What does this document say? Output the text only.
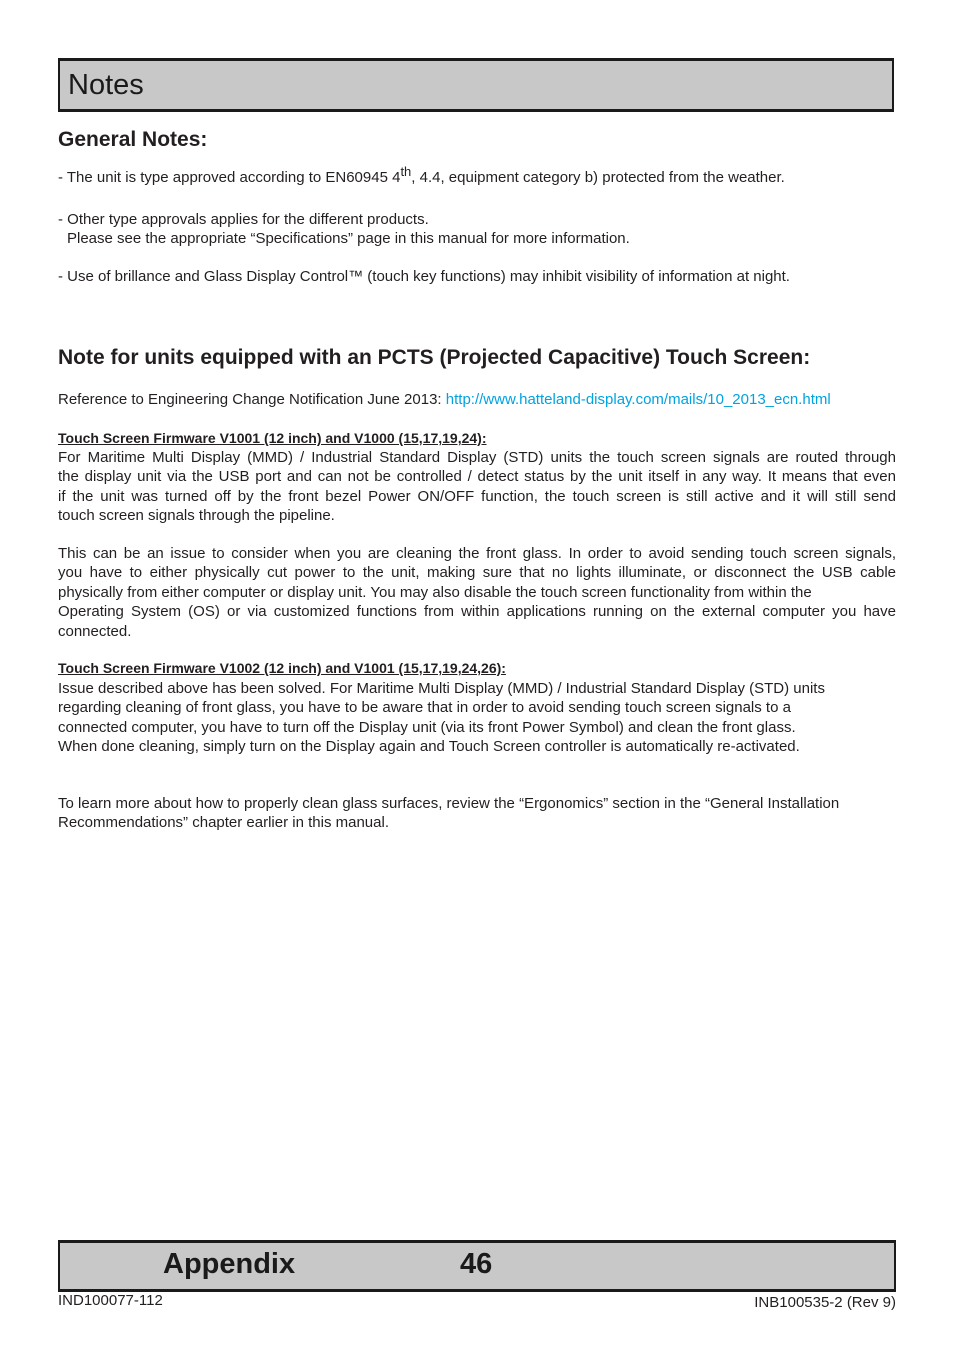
Notes
General Notes:
- The unit is type approved according to EN60945 4th, 4.4, equipment category b) protected from the weather.
- Other type approvals applies for the different products.
Please see the appropriate “Specifications” page in this manual for more information.
- Use of brillance and Glass Display Control™ (touch key functions) may inhibit visibility of information at night.
Note for units equipped with an PCTS (Projected Capacitive) Touch Screen:
Reference to Engineering Change Notification June 2013: http://www.hatteland-display.com/mails/10_2013_ecn.html
Touch Screen Firmware V1001 (12 inch) and V1000 (15,17,19,24):
For Maritime Multi Display (MMD) / Industrial Standard Display (STD) units the touch screen signals are routed through
the display unit via the USB port and can not be controlled / detect status by the unit itself in any way. It means that even
if the unit was turned off by the front bezel Power ON/OFF function, the touch screen is still active and it will still send
touch screen signals through the pipeline.
This can be an issue to consider when you are cleaning the front glass. In order to avoid sending touch screen signals,
you have to either physically cut power to the unit, making sure that no lights illuminate, or disconnect the USB cable
physically from either computer or display unit. You may also disable the touch screen functionality from within the
Operating System (OS) or via customized functions from within applications running on the external computer you have
connected.
Touch Screen Firmware V1002 (12 inch) and V1001 (15,17,19,24,26):
Issue described above has been solved. For Maritime Multi Display (MMD) / Industrial Standard Display (STD) units
regarding cleaning of front glass, you have to be aware that in order to avoid sending touch screen signals to a
connected computer, you have to turn off the Display unit (via its front Power Symbol) and clean the front glass.
When done cleaning, simply turn on the Display again and Touch Screen controller is automatically re-activated.
To learn more about how to properly clean glass surfaces, review the “Ergonomics” section in the “General Installation
Recommendations” chapter earlier in this manual.
Appendix	46
IND100077-112	INB100535-2 (Rev 9)
